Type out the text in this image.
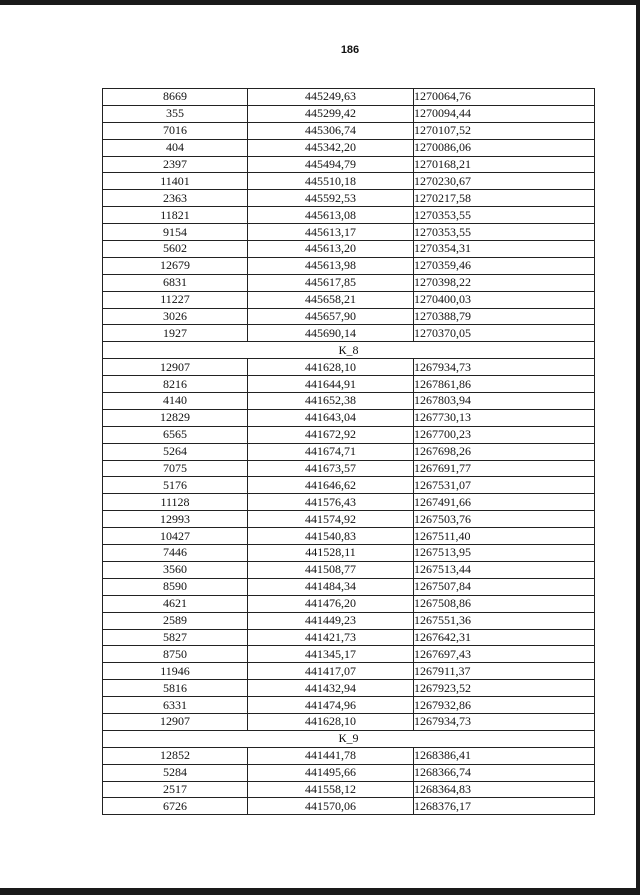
186
8669	445249,63	1270064,76
355	445299,42	1270094,44
7016	445306,74	1270107,52
404	445342,20	1270086,06
2397	445494,79	1270168,21
11401	445510,18	1270230,67
2363	445592,53	1270217,58
11821	445613,08	1270353,55
9154	445613,17	1270353,55
5602	445613,20	1270354,31
12679	445613,98	1270359,46
6831	445617,85	1270398,22
11227	445658,21	1270400,03
3026	445657,90	1270388,79
1927	445690,14	1270370,05
К_8		
12907	441628,10	1267934,73
8216	441644,91	1267861,86
4140	441652,38	1267803,94
12829	441643,04	1267730,13
6565	441672,92	1267700,23
5264	441674,71	1267698,26
7075	441673,57	1267691,77
5176	441646,62	1267531,07
11128	441576,43	1267491,66
12993	441574,92	1267503,76
10427	441540,83	1267511,40
7446	441528,11	1267513,95
3560	441508,77	1267513,44
8590	441484,34	1267507,84
4621	441476,20	1267508,86
2589	441449,23	1267551,36
5827	441421,73	1267642,31
8750	441345,17	1267697,43
11946	441417,07	1267911,37
5816	441432,94	1267923,52
6331	441474,96	1267932,86
12907	441628,10	1267934,73
К_9		
12852	441441,78	1268386,41
5284	441495,66	1268366,74
2517	441558,12	1268364,83
6726	441570,06	1268376,17
